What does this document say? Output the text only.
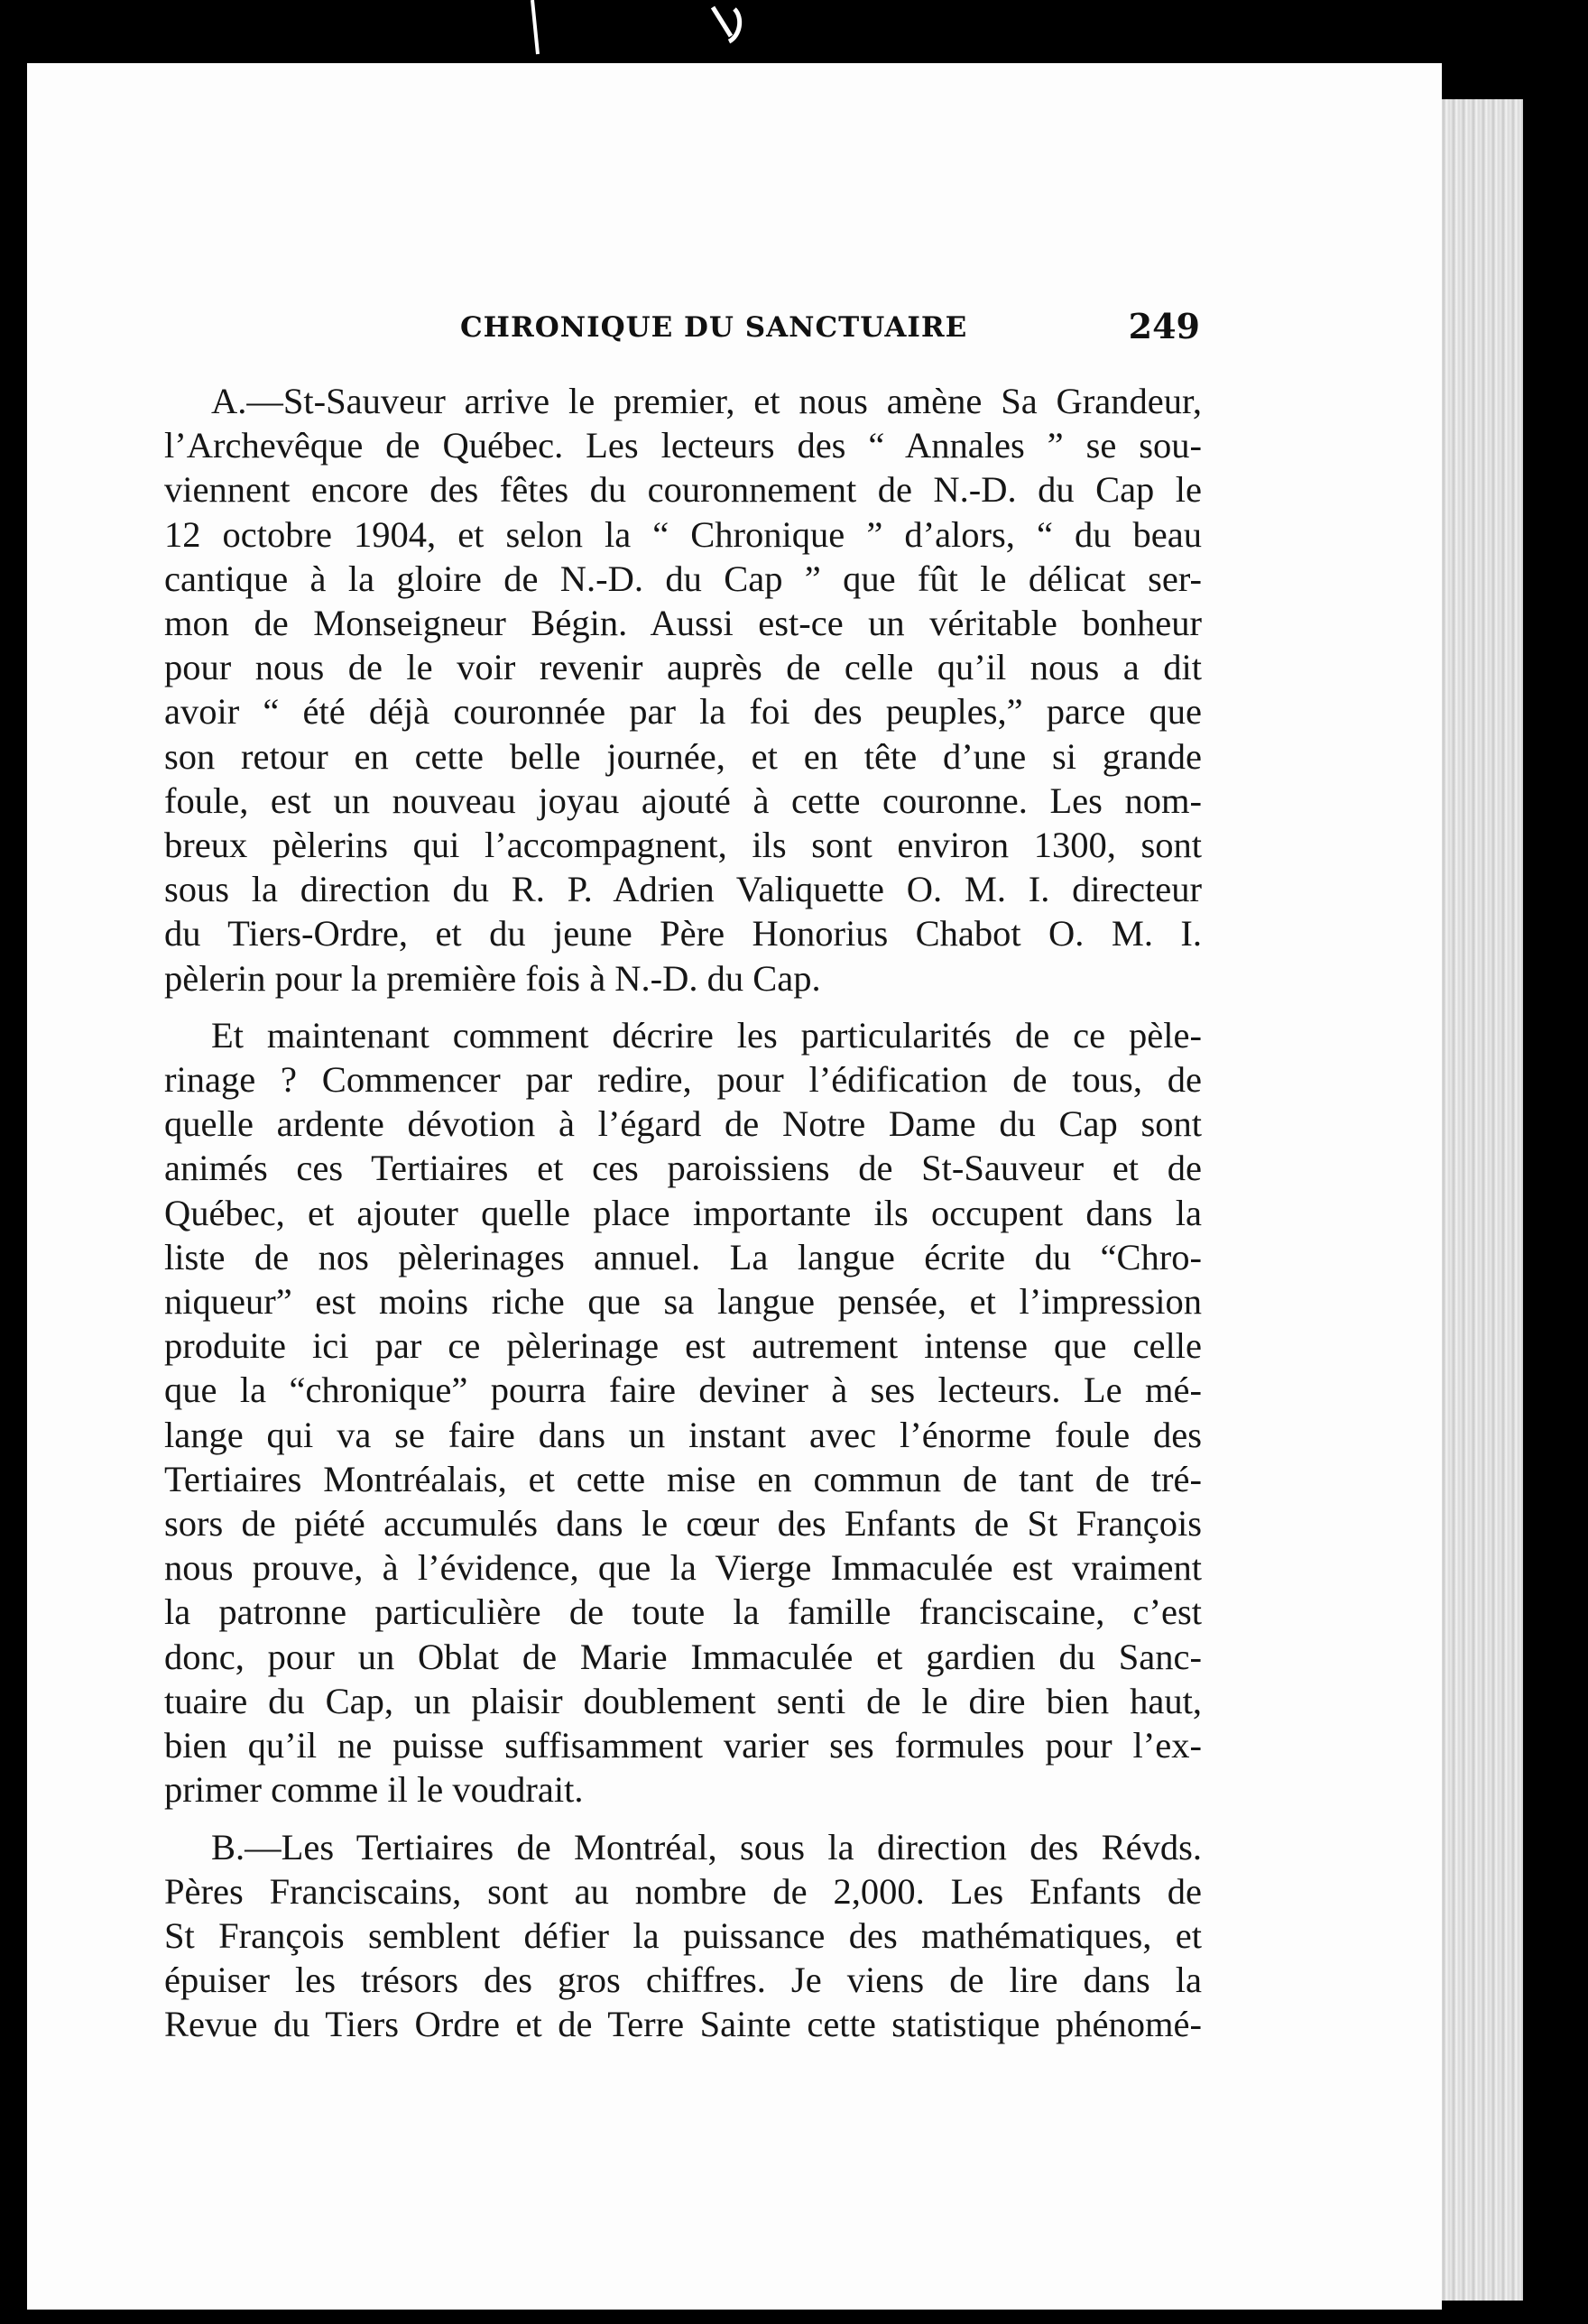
CHRONIQUE DU SANCTUAIRE	249
A.—St-Sauveur arrive le premier, et nous amène Sa Grandeur,
l’Archevêque de Québec. Les lecteurs des “ Annales ” se sou-
viennent encore des fêtes du couronnement de N.-D. du Cap le
12 octobre 1904, et selon la “ Chronique ” d’alors, “ du beau
cantique à la gloire de N.-D. du Cap ” que fût le délicat ser-
mon de Monseigneur Bégin. Aussi est-ce un véritable bonheur
pour nous de le voir revenir auprès de celle qu’il nous a dit
avoir “ été déjà couronnée par la foi des peuples,” parce que
son retour en cette belle journée, et en tête d’une si grande
foule, est un nouveau joyau ajouté à cette couronne. Les nom-
breux pèlerins qui l’accompagnent, ils sont environ 1300, sont
sous la direction du R. P. Adrien Valiquette O. M. I. directeur
du Tiers-Ordre, et du jeune Père Honorius Chabot O. M. I.
pèlerin pour la première fois à N.-D. du Cap.
Et maintenant comment décrire les particularités de ce pèle-
rinage ? Commencer par redire, pour l’édification de tous, de
quelle ardente dévotion à l’égard de Notre Dame du Cap sont
animés ces Tertiaires et ces paroissiens de St-Sauveur et de
Québec, et ajouter quelle place importante ils occupent dans la
liste de nos pèlerinages annuel. La langue écrite du “Chro-
niqueur” est moins riche que sa langue pensée, et l’impression
produite ici par ce pèlerinage est autrement intense que celle
que la “chronique” pourra faire deviner à ses lecteurs. Le mé-
lange qui va se faire dans un instant avec l’énorme foule des
Tertiaires Montréalais, et cette mise en commun de tant de tré-
sors de piété accumulés dans le cœur des Enfants de St François
nous prouve, à l’évidence, que la Vierge Immaculée est vraiment
la patronne particulière de toute la famille franciscaine, c’est
donc, pour un Oblat de Marie Immaculée et gardien du Sanc-
tuaire du Cap, un plaisir doublement senti de le dire bien haut,
bien qu’il ne puisse suffisamment varier ses formules pour l’ex-
primer comme il le voudrait.
B.—Les Tertiaires de Montréal, sous la direction des Révds.
Pères Franciscains, sont au nombre de 2,000. Les Enfants de
St François semblent défier la puissance des mathématiques, et
épuiser les trésors des gros chiffres. Je viens de lire dans la
Revue du Tiers Ordre et de Terre Sainte cette statistique phénomé-
